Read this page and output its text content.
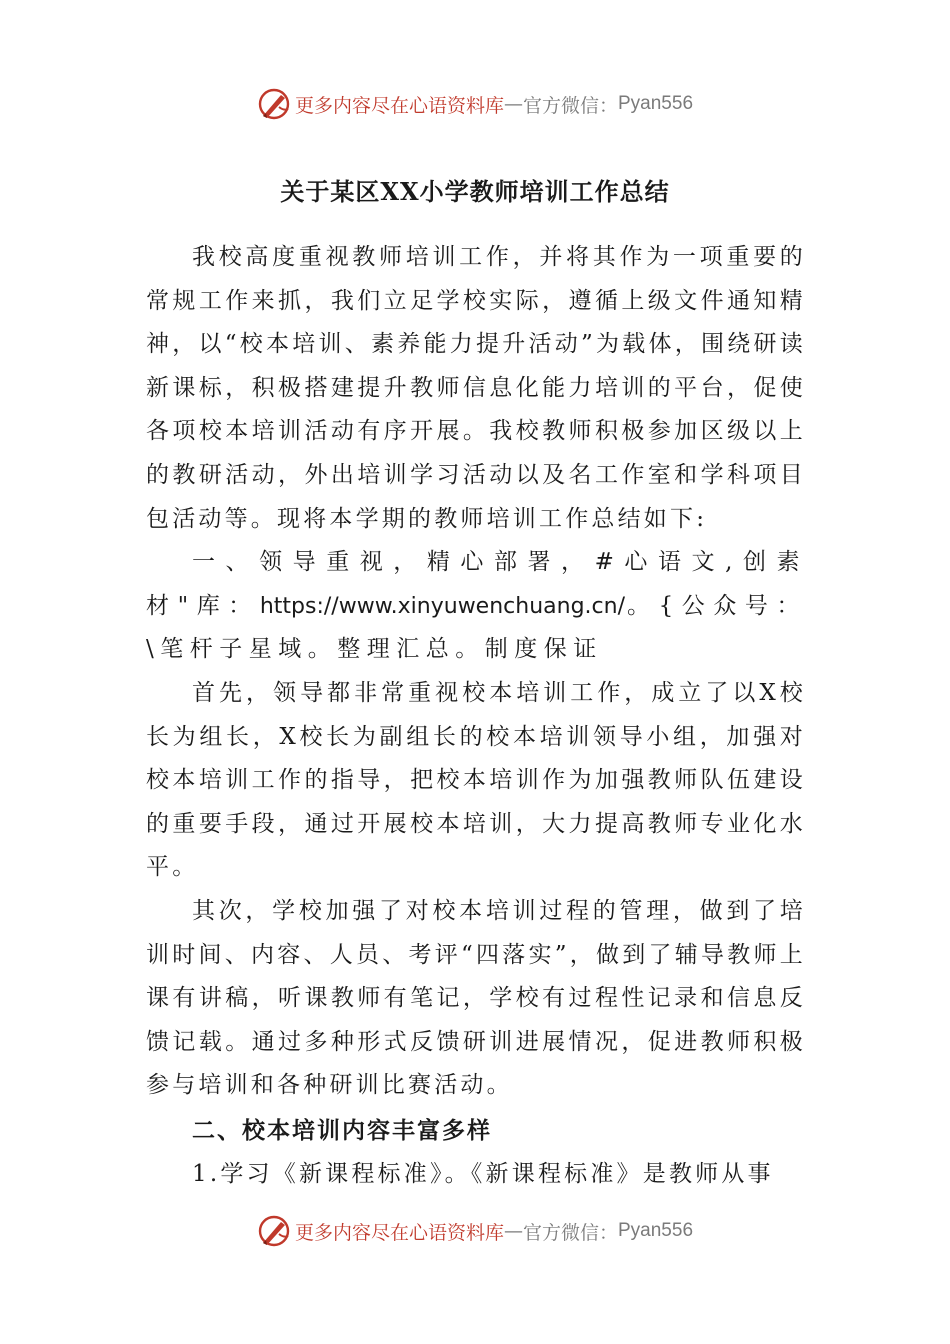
更多内容尽在心语资料库 — 官方微信： Pyan556
关于某区XX小学教师培训工作总结

我校高度重视教师培训工作，并将其作为一项重要的常规工作来抓，我们立足学校实际，遵循上级文件通知精神，以“校本培训、素养能力提升活动”为载体，围绕研读新课标，积极搭建提升教师信息化能力培训的平台，促使各项校本培训活动有序开展。我校教师积极参加区级以上的教研活动，外出培训学习活动以及名工作室和学科项目包活动等。现将本学期的教师培训工作总结如下:

一、领导重视，精心部署，#心语文,创素材"库：https://www.xinyuwenchuang.cn/。{公众号：\笔杆子星域。整理汇总。制度保证

首先，领导都非常重视校本培训工作，成立了以X校长为组长，X校长为副组长的校本培训领导小组，加强对校本培训工作的指导，把校本培训作为加强教师队伍建设的重要手段，通过开展校本培训，大力提高教师专业化水平。

其次，学校加强了对校本培训过程的管理，做到了培训时间、内容、人员、考评“四落实”，做到了辅导教师上课有讲稿，听课教师有笔记，学校有过程性记录和信息反馈记载。通过多种形式反馈研训进展情况，促进教师积极参与培训和各种研训比赛活动。

二、校本培训内容丰富多样

1.学习《新课程标准》。《新课程标准》是教师从事

更多内容尽在心语资料库 — 官方微信： Pyan556
